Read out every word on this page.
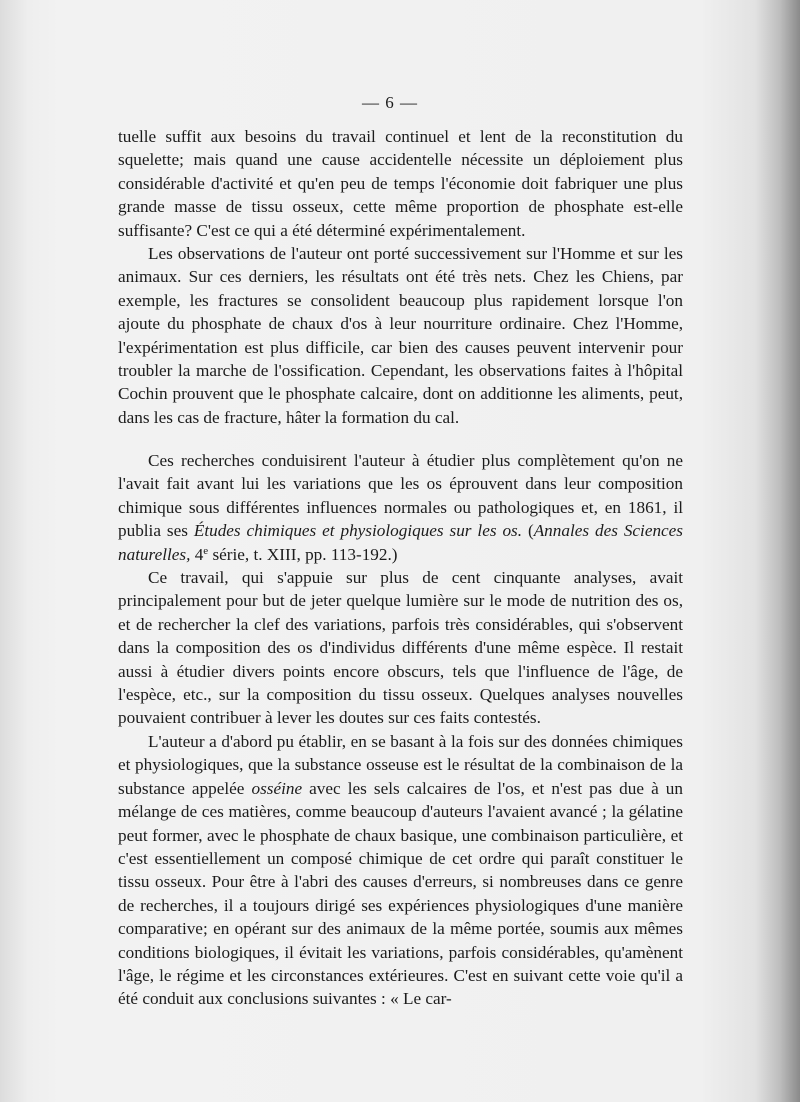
— 6 —

tuelle suffit aux besoins du travail continuel et lent de la reconstitution du squelette; mais quand une cause accidentelle nécessite un déploiement plus considérable d'activité et qu'en peu de temps l'économie doit fabriquer une plus grande masse de tissu osseux, cette même proportion de phosphate est-elle suffisante? C'est ce qui a été déterminé expérimentalement.

Les observations de l'auteur ont porté successivement sur l'Homme et sur les animaux. Sur ces derniers, les résultats ont été très nets. Chez les Chiens, par exemple, les fractures se consolident beaucoup plus rapidement lorsque l'on ajoute du phosphate de chaux d'os à leur nourriture ordinaire. Chez l'Homme, l'expérimentation est plus difficile, car bien des causes peuvent intervenir pour troubler la marche de l'ossification. Cependant, les observations faites à l'hôpital Cochin prouvent que le phosphate calcaire, dont on additionne les aliments, peut, dans les cas de fracture, hâter la formation du cal.

Ces recherches conduisirent l'auteur à étudier plus complètement qu'on ne l'avait fait avant lui les variations que les os éprouvent dans leur composition chimique sous différentes influences normales ou pathologiques et, en 1861, il publia ses Études chimiques et physiologiques sur les os. (Annales des Sciences naturelles, 4e série, t. XIII, pp. 113-192.)

Ce travail, qui s'appuie sur plus de cent cinquante analyses, avait principalement pour but de jeter quelque lumière sur le mode de nutrition des os, et de rechercher la clef des variations, parfois très considérables, qui s'observent dans la composition des os d'individus différents d'une même espèce. Il restait aussi à étudier divers points encore obscurs, tels que l'influence de l'âge, de l'espèce, etc., sur la composition du tissu osseux. Quelques analyses nouvelles pouvaient contribuer à lever les doutes sur ces faits contestés.

L'auteur a d'abord pu établir, en se basant à la fois sur des données chimiques et physiologiques, que la substance osseuse est le résultat de la combinaison de la substance appelée osséine avec les sels calcaires de l'os, et n'est pas due à un mélange de ces matières, comme beaucoup d'auteurs l'avaient avancé ; la gélatine peut former, avec le phosphate de chaux basique, une combinaison particulière, et c'est essentiellement un composé chimique de cet ordre qui paraît constituer le tissu osseux. Pour être à l'abri des causes d'erreurs, si nombreuses dans ce genre de recherches, il a toujours dirigé ses expériences physiologiques d'une manière comparative; en opérant sur des animaux de la même portée, soumis aux mêmes conditions biologiques, il évitait les variations, parfois considérables, qu'amènent l'âge, le régime et les circonstances extérieures. C'est en suivant cette voie qu'il a été conduit aux conclusions suivantes : « Le car-
